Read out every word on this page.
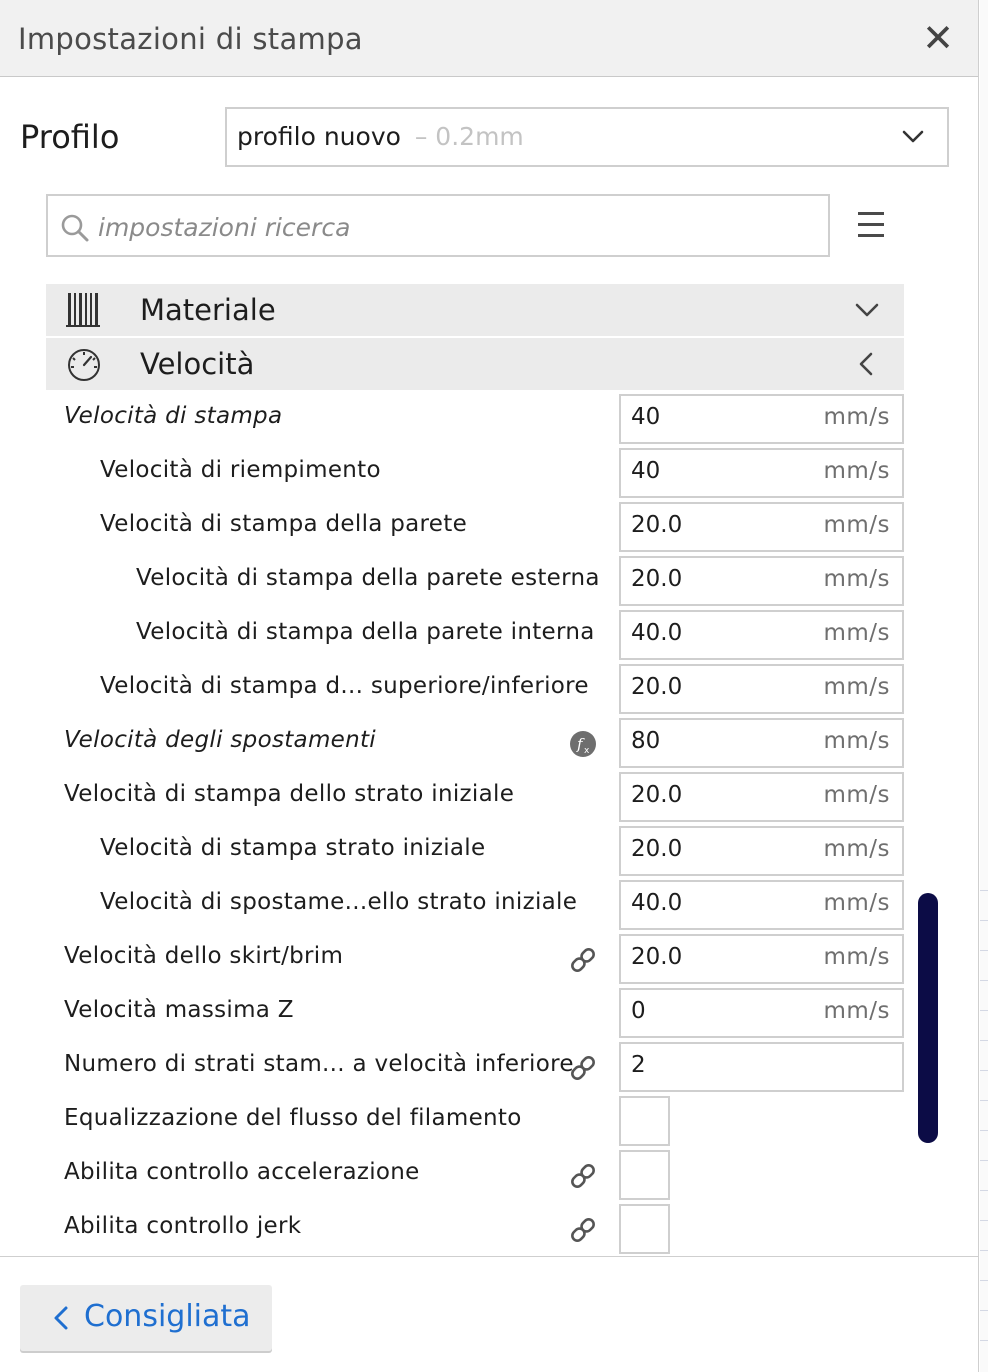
Impostazioni di stampa	✕
Profilo	profilo nuovo – 0.2mm
impostazioni ricerca
Materiale
Velocità
Velocità di stampa	40	mm/s
Velocità di riempimento	40	mm/s
Velocità di stampa della parete	20.0	mm/s
Velocità di stampa della parete esterna 20.0	mm/s
Velocità di stampa della parete interna 40.0	mm/s
Velocità di stampa d... superiore/inferiore 20.0	mm/s
Velocità degli spostamenti	f x 80	mm/s
Velocità di stampa dello strato iniziale	20.0	mm/s
Velocità di stampa strato iniziale	20.0	mm/s
Velocità di spostame...ello strato iniziale 40.0	mm/s
Velocità dello skirt/brim	20.0	mm/s
Velocità massima Z	0	mm/s
Numero di strati stam... a velocità inferiore 2
Equalizzazione del flusso del filamento
Abilita controllo accelerazione
Abilita controllo jerk
Consigliata
